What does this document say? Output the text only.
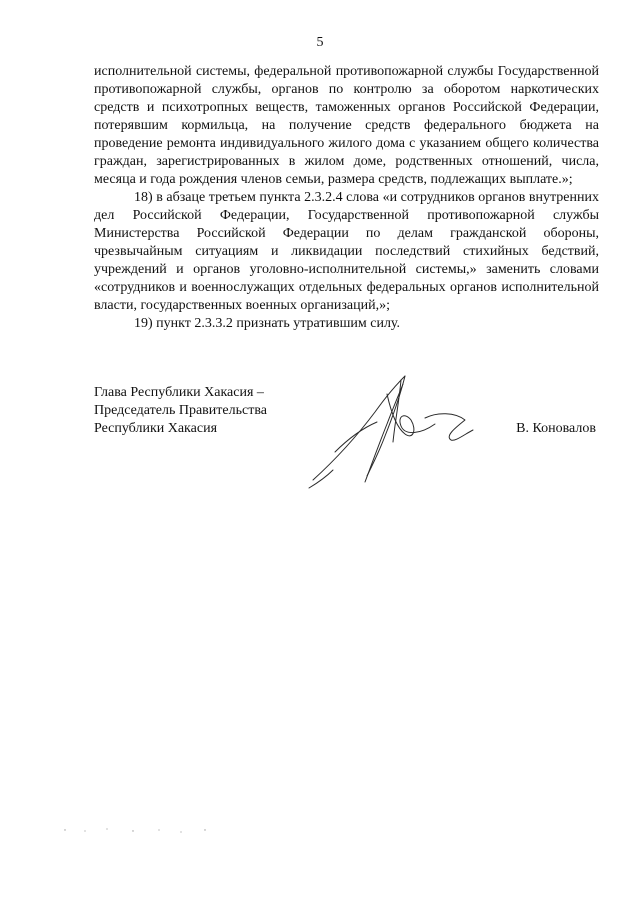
5

исполнительной системы, федеральной противопожарной службы Государственной противопожарной службы, органов по контролю за оборотом наркотических средств и психотропных веществ, таможенных органов Российской Федерации, потерявшим кормильца, на получение средств федерального бюджета на проведение ремонта индивидуального жилого дома с указанием общего количества граждан, зарегистрированных в жилом доме, родственных отношений, числа, месяца и года рождения членов семьи, размера средств, подлежащих выплате.»;

18) в абзаце третьем пункта 2.3.2.4 слова «и сотрудников органов внутренних дел Российской Федерации, Государственной противопожарной службы Министерства Российской Федерации по делам гражданской обороны, чрезвычайным ситуациям и ликвидации последствий стихийных бедствий, учреждений и органов уголовно-исполнительной системы,» заменить словами «сотрудников и военнослужащих отдельных федеральных органов исполнительной власти, государственных военных организаций,»;

19) пункт 2.3.3.2 признать утратившим силу.

Глава Республики Хакасия –
Председатель Правительства
Республики Хакасия	В. Коновалов
